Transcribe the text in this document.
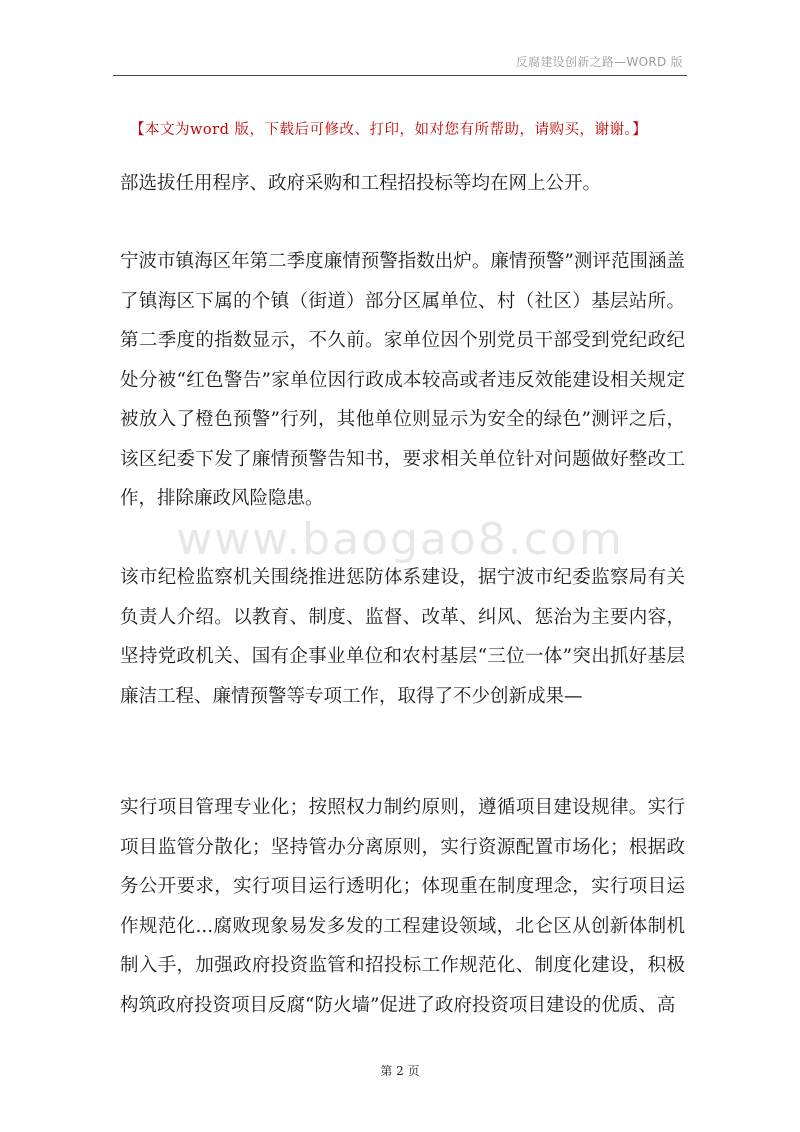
反腐建设创新之路—WORD 版
【本文为word 版，下载后可修改、打印，如对您有所帮助，请购买，谢谢。】

部选拔任用程序、政府采购和工程招投标等均在网上公开。

宁波市镇海区年第二季度廉情预警指数出炉。廉情预警”测评范围涵盖了镇海区下属的个镇（街道）部分区属单位、村（社区）基层站所。第二季度的指数显示，不久前。家单位因个别党员干部受到党纪政纪处分被“红色警告”家单位因行政成本较高或者违反效能建设相关规定被放入了橙色预警”行列，其他单位则显示为安全的绿色”测评之后，该区纪委下发了廉情预警告知书，要求相关单位针对问题做好整改工作，排除廉政风险隐患。

www.baogao8.com

该市纪检监察机关围绕推进惩防体系建设，据宁波市纪委监察局有关负责人介绍。以教育、制度、监督、改革、纠风、惩治为主要内容，坚持党政机关、国有企事业单位和农村基层“三位一体”突出抓好基层廉洁工程、廉情预警等专项工作，取得了不少创新成果—

实行项目管理专业化；按照权力制约原则，遵循项目建设规律。实行项目监管分散化；坚持管办分离原则，实行资源配置市场化；根据政务公开要求，实行项目运行透明化；体现重在制度理念，实行项目运作规范化...腐败现象易发多发的工程建设领域，北仑区从创新体制机制入手，加强政府投资监管和招投标工作规范化、制度化建设，积极构筑政府投资项目反腐“防火墙”促进了政府投资项目建设的优质、高

第 2 页
